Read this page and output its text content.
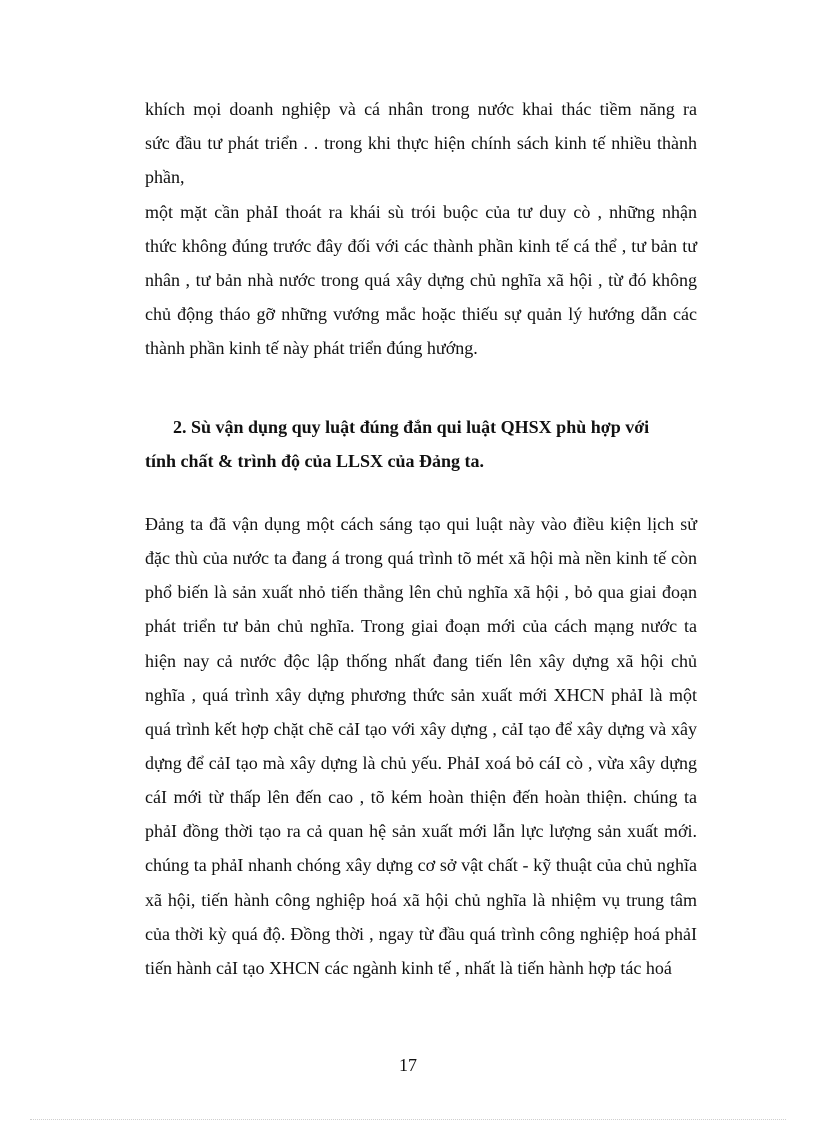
khích mọi doanh nghiệp và cá nhân trong nước khai thác tiềm năng ra
sức đầu tư phát triển . . trong khi thực hiện chính sách kinh tế nhiều thành
phần,
một mặt cần phảI thoát ra khái sù trói buộc của tư duy cò , những nhận
thức không đúng trước đây đối với các thành phần kinh tế cá thể , tư bản tư
nhân , tư bản nhà nước trong quá xây dựng chủ nghĩa xã hội , từ đó không
chủ động tháo gỡ những vướng mắc hoặc thiếu sự quản lý hướng dẫn các
thành phần kinh tế này phát triển đúng hướng.
2. Sù vận dụng quy luật đúng đắn qui luật QHSX phù hợp với
tính chất & trình độ của LLSX của Đảng ta.
Đảng ta đã vận dụng một cách sáng tạo qui luật này vào điều kiện lịch sử
đặc thù của nước ta đang á trong quá trình tõ mét xã hội mà nền kinh tế còn
phổ biến là sản xuất nhỏ tiến thẳng lên chủ nghĩa xã hội , bỏ qua giai đoạn
phát triển tư bản chủ nghĩa. Trong giai đoạn mới của cách mạng nước ta
hiện nay cả nước độc lập thống nhất đang tiến lên xây dựng xã hội chủ
nghĩa , quá trình xây dựng phương thức sản xuất mới XHCN phảI là một
quá trình kết hợp chặt chẽ cảI tạo với xây dựng , cảI tạo để xây dựng và xây
dựng để cảI tạo mà xây dựng là chủ yếu. PhảI xoá bỏ cáI cò , vừa xây dựng
cáI mới từ thấp lên đến cao , tõ kém hoàn thiện đến hoàn thiện. chúng ta
phảI đồng thời tạo ra cả quan hệ sản xuất mới lẫn lực lượng sản xuất mới.
chúng ta phảI nhanh chóng xây dựng cơ sở vật chất - kỹ thuật của chủ nghĩa
xã hội, tiến hành công nghiệp hoá xã hội chủ nghĩa là nhiệm vụ trung tâm
của thời kỳ quá độ. Đồng thời , ngay từ đầu quá trình công nghiệp hoá phảI
tiến hành cảI tạo XHCN các ngành kinh tế , nhất là tiến hành hợp tác hoá
17
